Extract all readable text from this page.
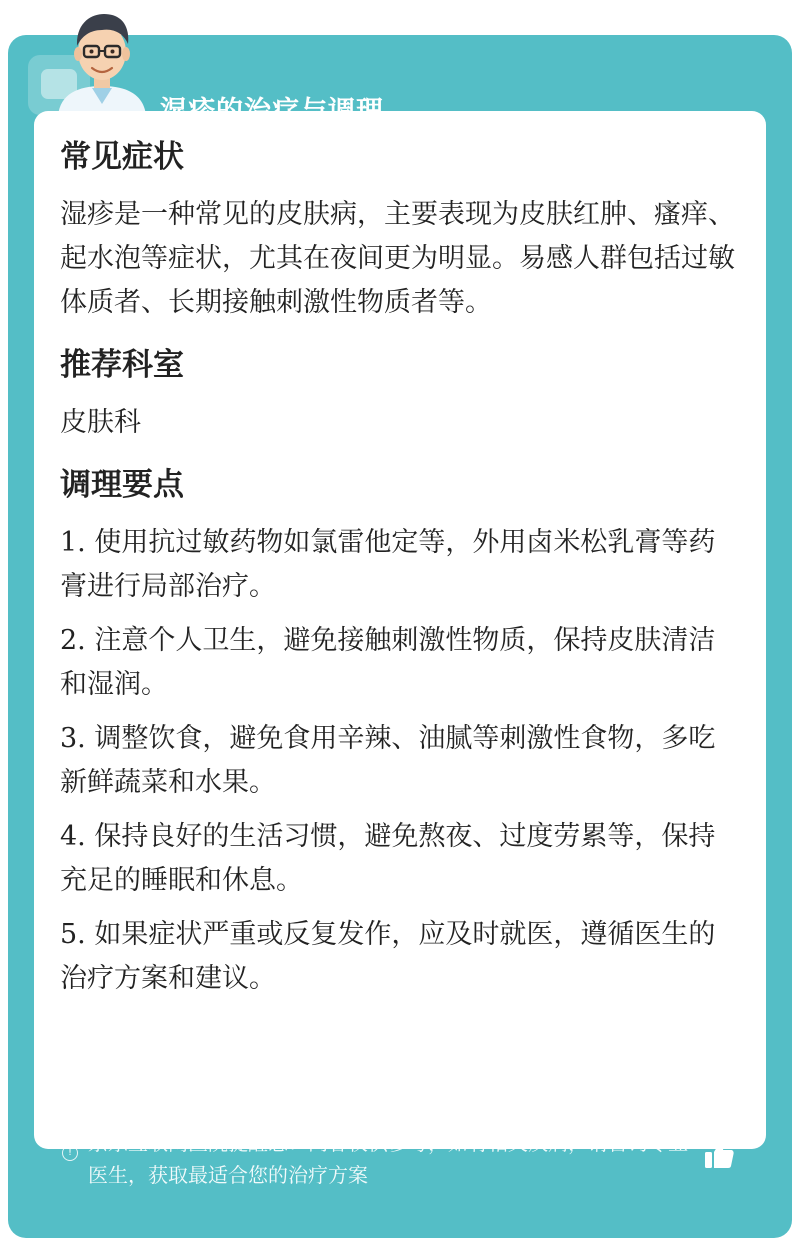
常见症状
湿疹是一种常见的皮肤病，主要表现为皮肤红肿、瘙痒、起水泡等症状，尤其在夜间更为明显。易感人群包括过敏体质者、长期接触刺激性物质者等。
推荐科室
皮肤科
调理要点
1. 使用抗过敏药物如氯雷他定等，外用卤米松乳膏等药膏进行局部治疗。
2. 注意个人卫生，避免接触刺激性物质，保持皮肤清洁和湿润。
3. 调整饮食，避免食用辛辣、油腻等刺激性食物，多吃新鲜蔬菜和水果。
4. 保持良好的生活习惯，避免熬夜、过度劳累等，保持充足的睡眠和休息。
5. 如果症状严重或反复发作，应及时就医，遵循医生的治疗方案和建议。
! 京东互联网医院提醒您：内容仅供参考，如有相关疾病，请咨询专业医生，获取最适合您的治疗方案
